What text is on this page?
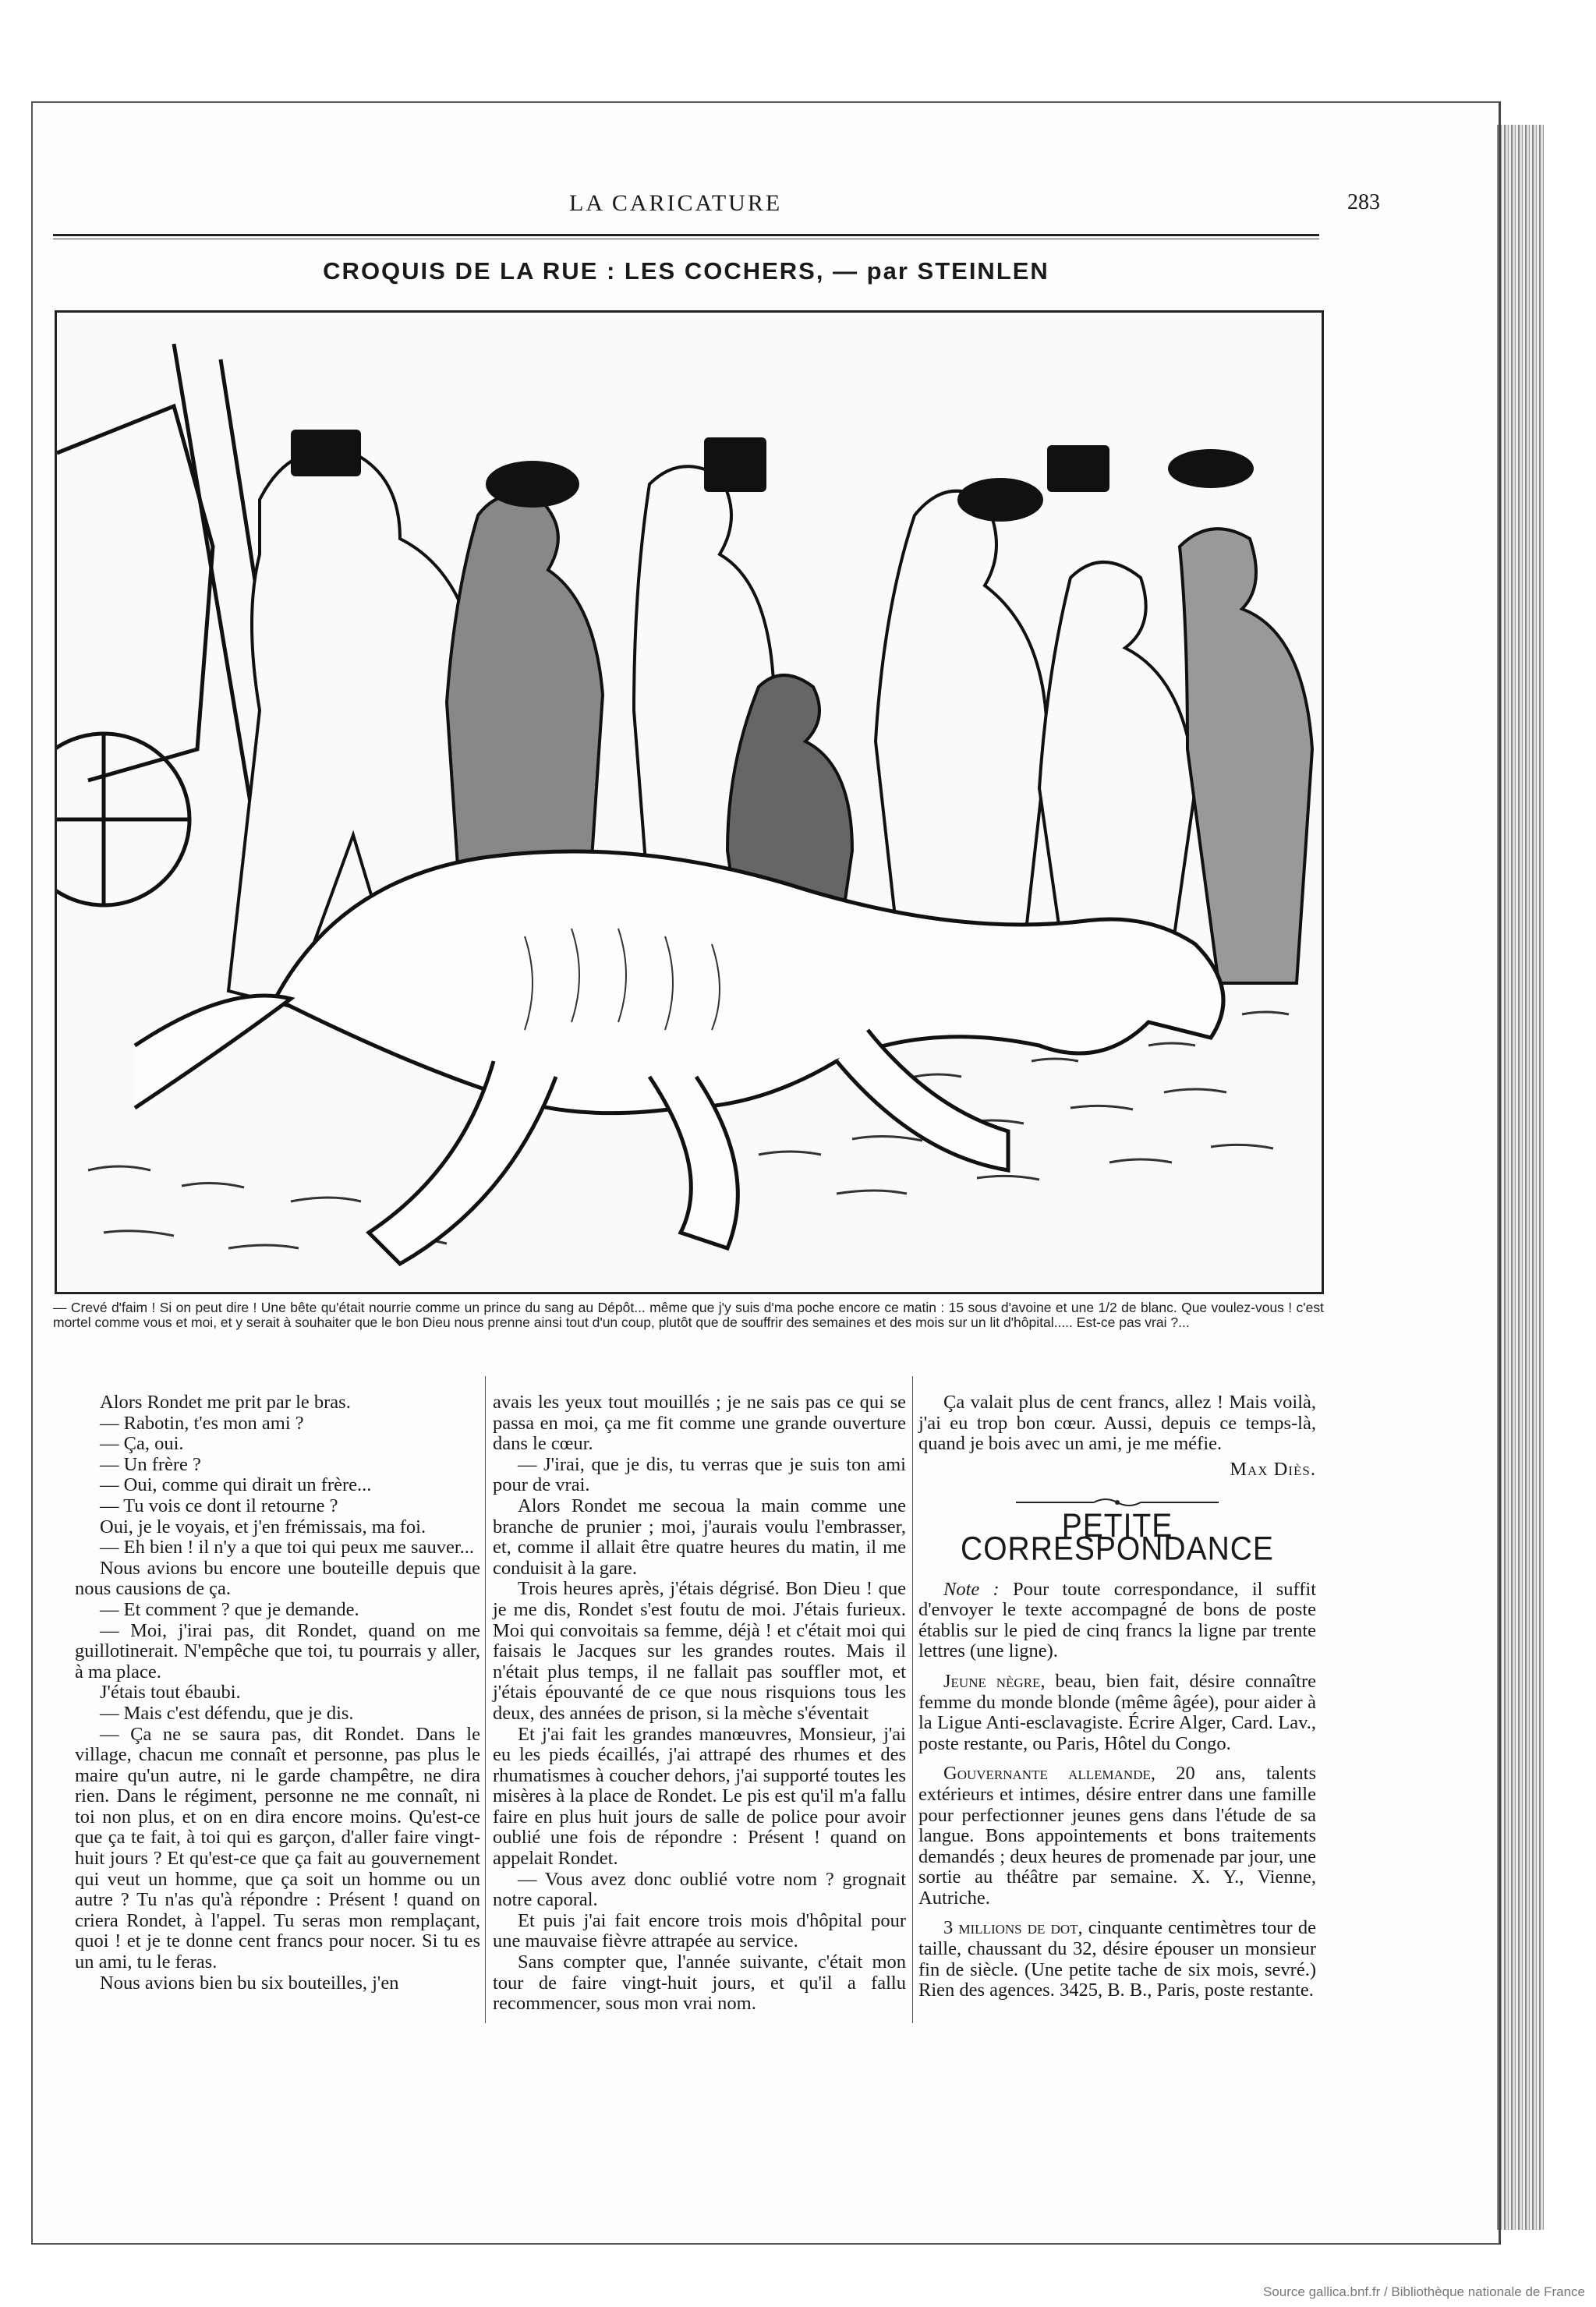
LA CARICATURE	283
CROQUIS DE LA RUE : LES COCHERS, — par STEINLEN
— Crevé d'faim ! Si on peut dire ! Une bête qu'était nourrie comme un prince du sang au Dépôt... même que j'y suis d'ma poche encore ce matin : 15 sous d'avoine et une 1/2 de blanc. Que voulez-vous ! c'est mortel comme vous et moi, et y serait à souhaiter que le bon Dieu nous prenne ainsi tout d'un coup, plutôt que de souffrir des semaines et des mois sur un lit d'hôpital..... Est-ce pas vrai ?...

Alors Rondet me prit par le bras.

— Rabotin, t'es mon ami ?

— Ça, oui.

— Un frère ?

— Oui, comme qui dirait un frère...

— Tu vois ce dont il retourne ?

Oui, je le voyais, et j'en frémissais, ma foi.

— Eh bien ! il n'y a que toi qui peux me sauver...

Nous avions bu encore une bouteille depuis que nous causions de ça.

— Et comment ? que je demande.

— Moi, j'irai pas, dit Rondet, quand on me guillotinerait. N'empêche que toi, tu pourrais y aller, à ma place.

J'étais tout ébaubi.

— Mais c'est défendu, que je dis.

— Ça ne se saura pas, dit Rondet. Dans le village, chacun me connaît et personne, pas plus le maire qu'un autre, ni le garde champêtre, ne dira rien. Dans le régiment, personne ne me connaît, ni toi non plus, et on en dira encore moins. Qu'est-ce que ça te fait, à toi qui es garçon, d'aller faire vingt-huit jours ? Et qu'est-ce que ça fait au gouvernement qui veut un homme, que ça soit un homme ou un autre ? Tu n'as qu'à répondre : Présent ! quand on criera Rondet, à l'appel. Tu seras mon remplaçant, quoi ! et je te donne cent francs pour nocer. Si tu es un ami, tu le feras.

Nous avions bien bu six bouteilles, j'en

avais les yeux tout mouillés ; je ne sais pas ce qui se passa en moi, ça me fit comme une grande ouverture dans le cœur.

— J'irai, que je dis, tu verras que je suis ton ami pour de vrai.

Alors Rondet me secoua la main comme une branche de prunier ; moi, j'aurais voulu l'embrasser, et, comme il allait être quatre heures du matin, il me conduisit à la gare.

Trois heures après, j'étais dégrisé. Bon Dieu ! que je me dis, Rondet s'est foutu de moi. J'étais furieux. Moi qui convoitais sa femme, déjà ! et c'était moi qui faisais le Jacques sur les grandes routes. Mais il n'était plus temps, il ne fallait pas souffler mot, et j'étais épouvanté de ce que nous risquions tous les deux, des années de prison, si la mèche s'éventait

Et j'ai fait les grandes manœuvres, Monsieur, j'ai eu les pieds écaillés, j'ai attrapé des rhumes et des rhumatismes à coucher dehors, j'ai supporté toutes les misères à la place de Rondet. Le pis est qu'il m'a fallu faire en plus huit jours de salle de police pour avoir oublié une fois de répondre : Présent ! quand on appelait Rondet.

— Vous avez donc oublié votre nom ? grognait notre caporal.

Et puis j'ai fait encore trois mois d'hôpital pour une mauvaise fièvre attrapée au service.

Sans compter que, l'année suivante, c'était mon tour de faire vingt-huit jours, et qu'il a fallu recommencer, sous mon vrai nom.

Ça valait plus de cent francs, allez ! Mais voilà, j'ai eu trop bon cœur. Aussi, depuis ce temps-là, quand je bois avec un ami, je me méfie.

Max Diès.

PETITE CORRESPONDANCE

Note : Pour toute correspondance, il suffit d'envoyer le texte accompagné de bons de poste établis sur le pied de cinq francs la ligne par trente lettres (une ligne).

Jeune nègre, beau, bien fait, désire connaître femme du monde blonde (même âgée), pour aider à la Ligue Anti-esclavagiste. Écrire Alger, Card. Lav., poste restante, ou Paris, Hôtel du Congo.

Gouvernante allemande, 20 ans, talents extérieurs et intimes, désire entrer dans une famille pour perfectionner jeunes gens dans l'étude de sa langue. Bons appointements et bons traitements demandés ; deux heures de promenade par jour, une sortie au théâtre par semaine. X. Y., Vienne, Autriche.

3 millions de dot, cinquante centimètres tour de taille, chaussant du 32, désire épouser un monsieur fin de siècle. (Une petite tache de six mois, sevré.) Rien des agences. 3425, B. B., Paris, poste restante.

Source gallica.bnf.fr / Bibliothèque nationale de France
